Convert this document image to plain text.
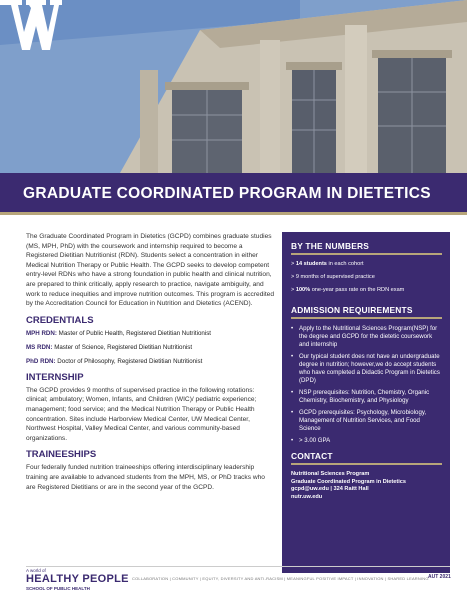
GRADUATE COORDINATED PROGRAM IN DIETETICS

The Graduate Coordinated Program in Dietetics (GCPD) combines graduate studies (MS, MPH, PhD) with the coursework and internship required to become a Registered Dietitian Nutritionist (RDN). Students select a concentration in either Medical Nutrition Therapy or Public Health. The GCPD seeks to develop competent entry-level RDNs who have a strong foundation in public health and clinical nutrition, are prepared to think critically, apply research to practice, navigate ambiguity, and work to reduce inequities and improve nutrition outcomes. This program is accredited by the Accreditation Council for Education in Nutrition and Dietetics (ACEND).

CREDENTIALS
MPH RDN: Master of Public Health, Registered Dietitian Nutritionist
MS RDN: Master of Science, Registered Dietitian Nutritionist
PhD RDN: Doctor of Philosophy, Registered Dietitian Nutritionist
INTERNSHIP

The GCPD provides 9 months of supervised practice in the following rotations: clinical; ambulatory; Women, Infants, and Children (WIC)/ pediatric experience; management; food service; and the Medical Nutrition Therapy or Public Health concentration. Sites include Harborview Medical Center, UW Medical Center, Northwest Hospital, Valley Medical Center, and various community-based organizations.

TRAINEESHIPS

Four federally funded nutrition traineeships offering interdisciplinary leadership training are available to advanced students from the MPH, MS, or PhD tracks who are Registered Dietitians or are in the second year of the GCPD.

BY THE NUMBERS
> 14 students in each cohort
> 9 months of supervised practice
> 100% one-year pass rate on the RDN exam
ADMISSION REQUIREMENTS
• Apply to the Nutritional Sciences Program(NSP) for the degree and GCPD for the dietetic coursework and internship
• Our typical student does not have an undergraduate degree in nutrition; however,we do accept students who have completed a Didactic Program in Dietetics (DPD)
• NSP prerequisites: Nutrition, Chemistry, Organic Chemistry, Biochemistry, and Physiology
• GCPD prerequisites: Psychology, Microbiology, Management of Nutrition Services, and Food Science
• > 3.00 GPA
CONTACT
Nutritional Sciences Program
Graduate Coordinated Program in Dietetics
gcpd@uw.edu | 324 Raitt Hall
nutr.uw.edu
A world of
HEALTHY PEOPLE
SCHOOL OF PUBLIC HEALTH
COLLABORATION | COMMUNITY | EQUITY, DIVERSITY AND ANTI-RACISM | MEANINGFUL POSITIVE IMPACT | INNOVATION | SHARED LEARNING AUT 2021
